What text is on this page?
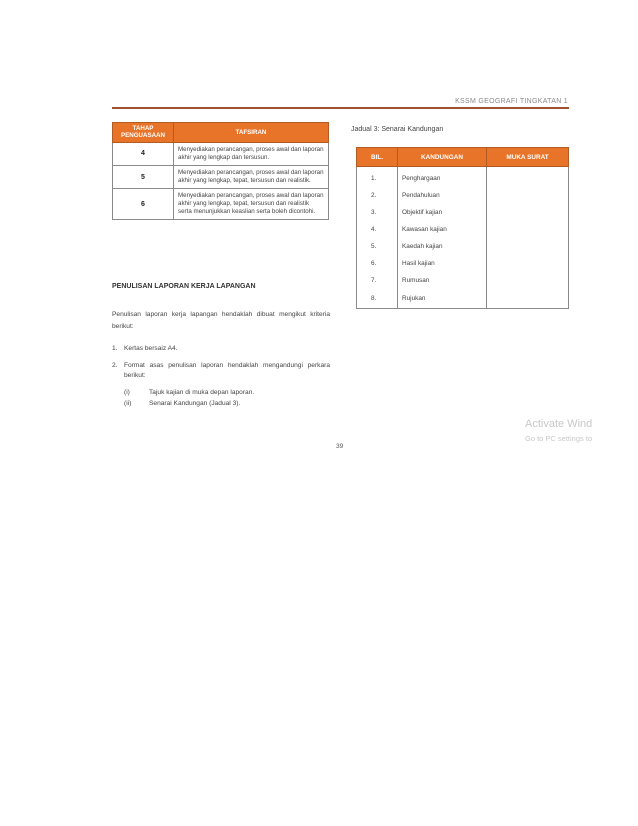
KSSM GEOGRAFI TINGKATAN 1
TAHAP PENGUASAAN	TAFSIRAN
4	Menyediakan perancangan, proses awal dan laporan akhir yang lengkap dan tersusun.
5	Menyediakan perancangan, proses awal dan laporan akhir yang lengkap, tepat, tersusun dan realistik.
6	Menyediakan perancangan, proses awal dan laporan akhir yang lengkap, tepat, tersusun dan realistik serta menunjukkan keaslian serta boleh dicontohi.
Jadual 3: Senarai Kandungan
BIL.	KANDUNGAN	MUKA SURAT
1.	Penghargaan	
2.	Pendahuluan	
3.	Objektif kajian	
4.	Kawasan kajian	
5.	Kaedah kajian	
6.	Hasil kajian	
7.	Rumusan	
8.	Rujukan	
PENULISAN LAPORAN KERJA LAPANGAN
Penulisan laporan kerja lapangan hendaklah dibuat mengikut kriteria berikut:
1. Kertas bersaiz A4.
2. Format asas penulisan laporan hendaklah mengandungi perkara berikut:
(i)	Tajuk kajian di muka depan laporan.
(ii)	Senarai Kandungan (Jadual 3).
Activate Wind
Go to PC settings to
39
